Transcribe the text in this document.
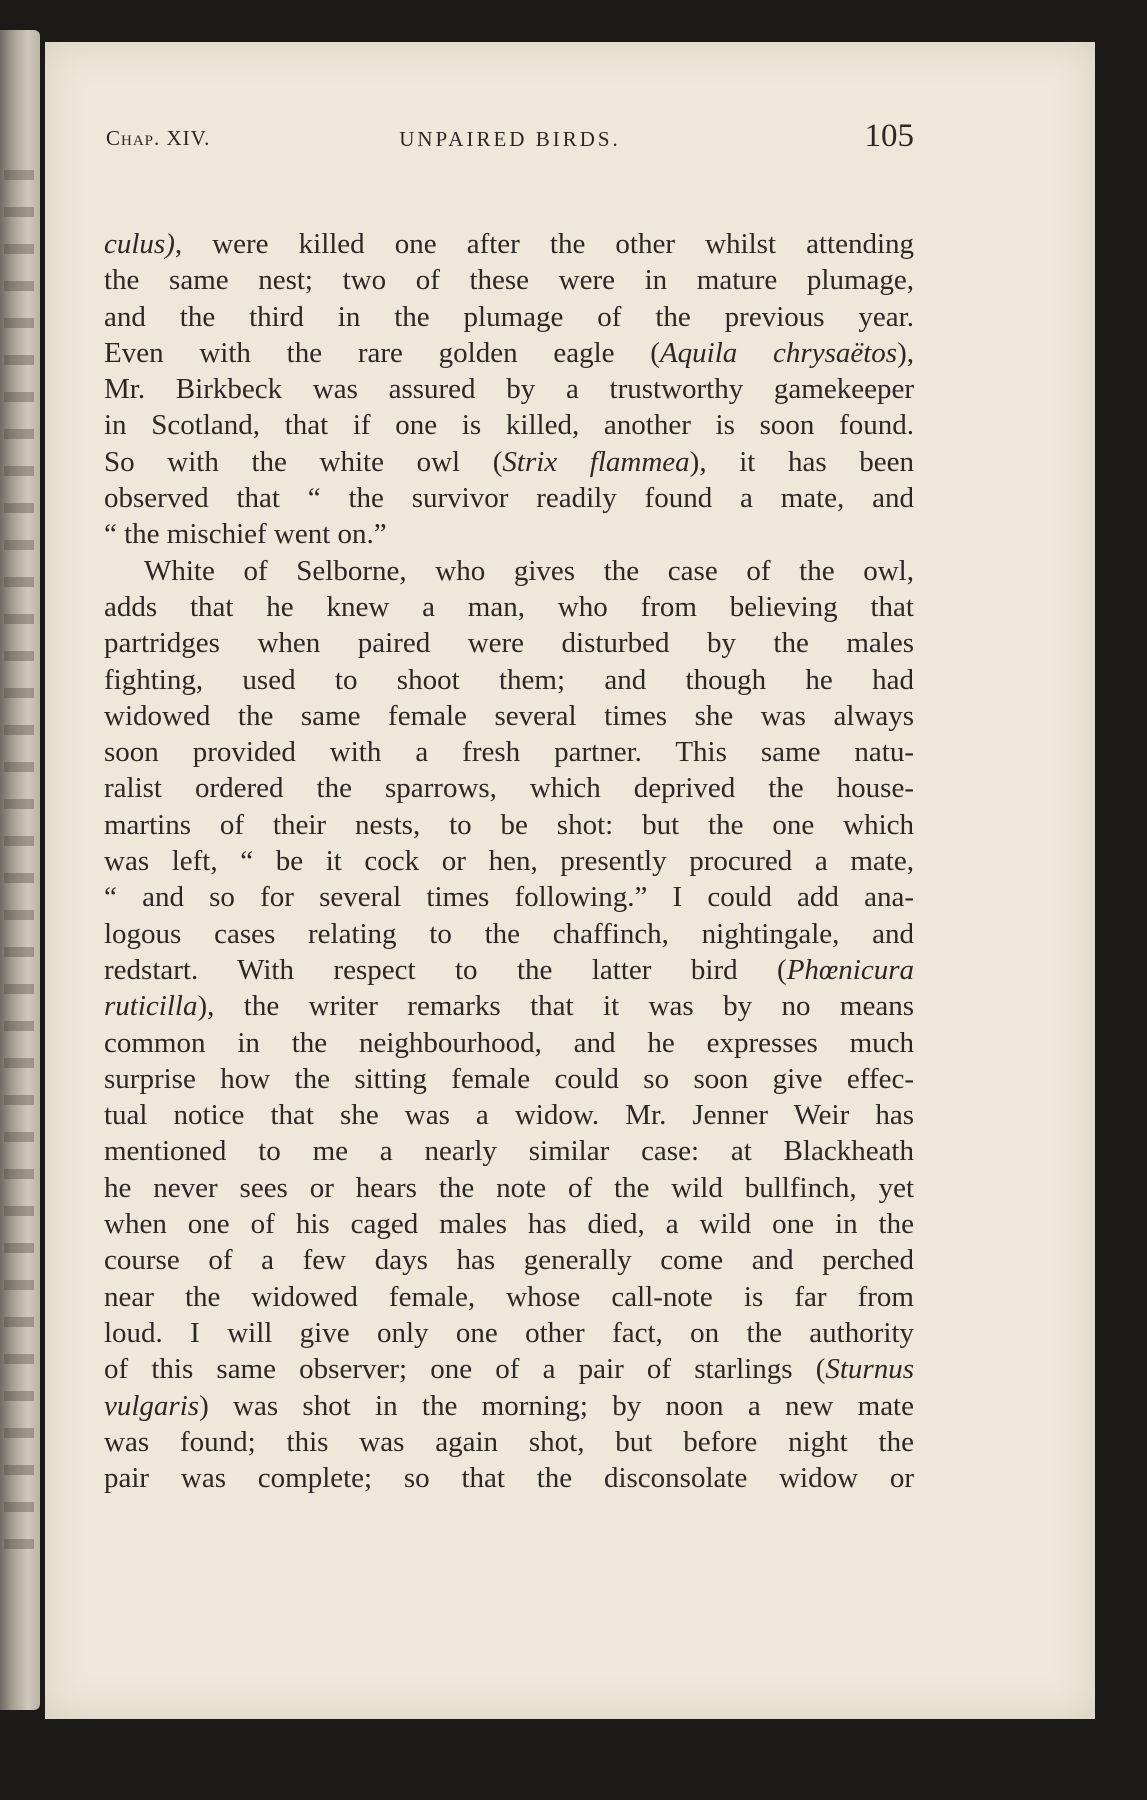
Chap. XIV.	UNPAIRED BIRDS.	105
culus), were killed one after the other whilst attending
the same nest; two of these were in mature plumage,
and the third in the plumage of the previous year.
Even with the rare golden eagle (Aquila chrysaëtos),
Mr. Birkbeck was assured by a trustworthy gamekeeper
in Scotland, that if one is killed, another is soon found.
So with the white owl (Strix flammea), it has been
observed that “ the survivor readily found a mate, and
“ the mischief went on.”
White of Selborne, who gives the case of the owl,
adds that he knew a man, who from believing that
partridges when paired were disturbed by the males
fighting, used to shoot them; and though he had
widowed the same female several times she was always
soon provided with a fresh partner. This same natu-
ralist ordered the sparrows, which deprived the house-
martins of their nests, to be shot: but the one which
was left, “ be it cock or hen, presently procured a mate,
“ and so for several times following.” I could add ana-
logous cases relating to the chaffinch, nightingale, and
redstart. With respect to the latter bird (Phœnicura
ruticilla), the writer remarks that it was by no means
common in the neighbourhood, and he expresses much
surprise how the sitting female could so soon give effec-
tual notice that she was a widow. Mr. Jenner Weir has
mentioned to me a nearly similar case: at Blackheath
he never sees or hears the note of the wild bullfinch, yet
when one of his caged males has died, a wild one in the
course of a few days has generally come and perched
near the widowed female, whose call-note is far from
loud. I will give only one other fact, on the authority
of this same observer; one of a pair of starlings (Sturnus
vulgaris) was shot in the morning; by noon a new mate
was found; this was again shot, but before night the
pair was complete; so that the disconsolate widow or
